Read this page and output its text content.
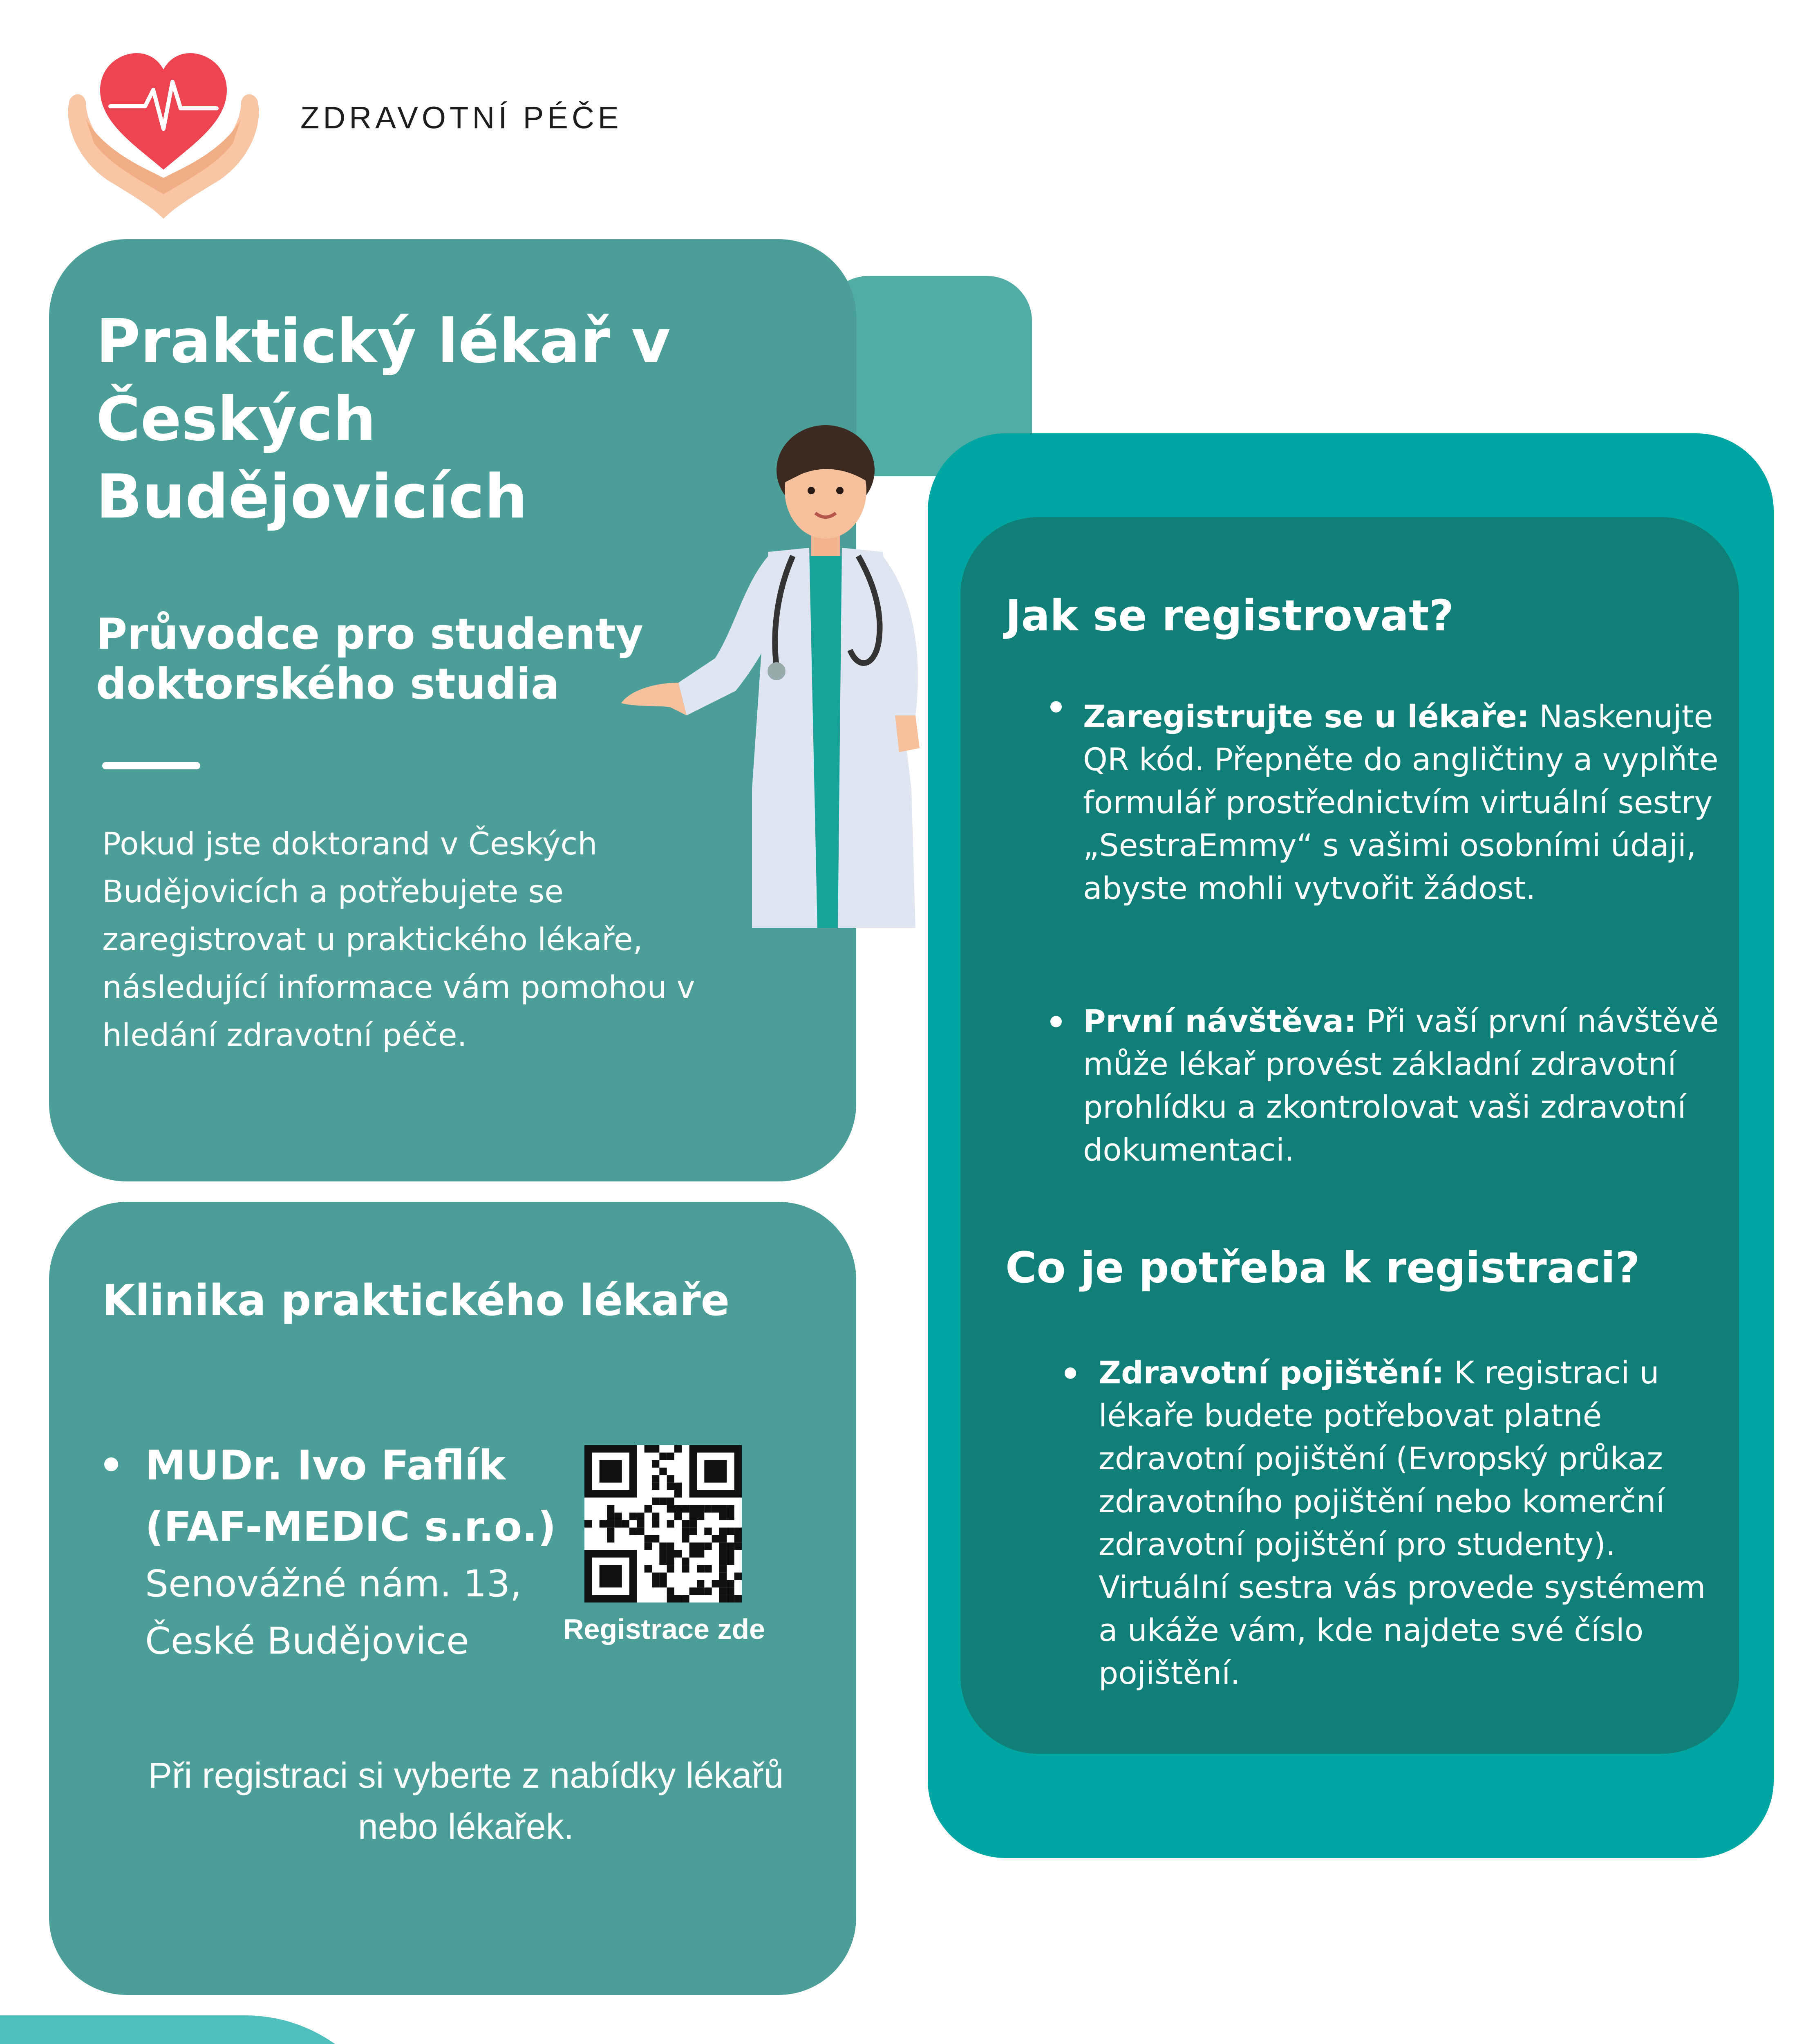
ZDRAVOTNÍ PÉČE
Praktický lékař v Českých Budějovicích
Průvodce pro studenty doktorského studia
Pokud jste doktorand v Českých Budějovicích a potřebujete se zaregistrovat u praktického lékaře, následující informace vám pomohou v hledání zdravotní péče.
Klinika praktického lékaře
MUDr. Ivo Faflík (FAF-MEDIC s.r.o.)
Senovážné nám. 13, České Budějovice	Registrace zde
Při registraci si vyberte z nabídky lékařů nebo lékařek.
Jak se registrovat?
Zaregistrujte se u lékaře: Naskenujte QR kód. Přepněte do angličtiny a vyplňte formulář prostřednictvím virtuální sestry „SestraEmmy“ s vašimi osobními údaji, abyste mohli vytvořit žádost.
První návštěva: Při vaší první návštěvě může lékař provést základní zdravotní prohlídku a zkontrolovat vaši zdravotní dokumentaci.
Co je potřeba k registraci?
Zdravotní pojištění: K registraci u lékaře budete potřebovat platné zdravotní pojištění (Evropský průkaz zdravotního pojištění nebo komerční zdravotní pojištění pro studenty). Virtuální sestra vás provede systémem a ukáže vám, kde najdete své číslo pojištění.
